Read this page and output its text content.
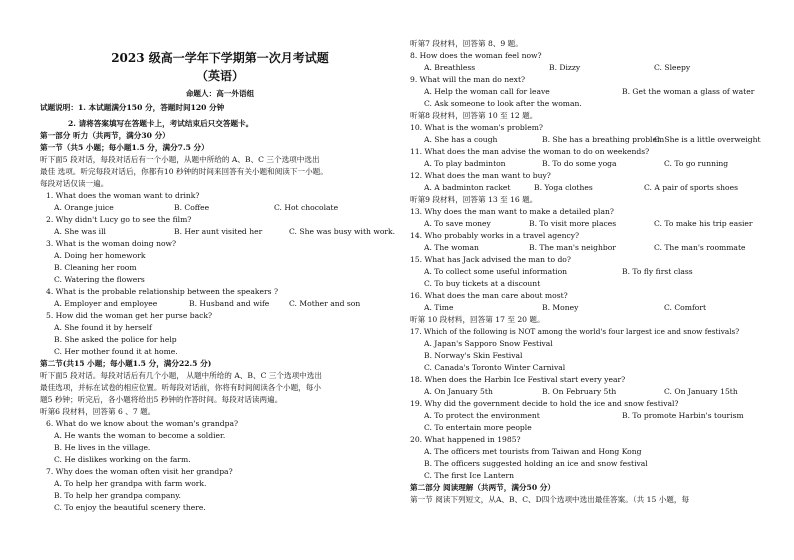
2023 级高一学年下学期第一次月考试题
（英语）
命题人：高一外语组
试题说明：1. 本试题满分150 分，答题时间120 分钟
2. 请将答案填写在答题卡上，考试结束后只交答题卡。
第一部分 听力（共两节，满分30 分）
第一节（共5 小题；每小题1.5 分，满分7.5 分）
听下面5 段对话，每段对话后有一个小题，从题中所给的 A、B、C 三个选项中选出
最佳 选项。听完每段对话后，你都有10 秒钟的时间来回答有关小题和阅读下一小题。
每段对话仅读一遍。
1. What does the woman want to drink?
A. Orange juice	B. Coffee	C. Hot chocolate
2. Why didn't Lucy go to see the film?
A. She was ill	B. Her aunt visited her	C. She was busy with work.
3. What is the woman doing now?
A. Doing her homework
B. Cleaning her room
C. Watering the flowers
4. What is the probable relationship between the speakers ?
A. Employer and employee	B. Husband and wife	C. Mother and son
5. How did the woman get her purse back?
A. She found it by herself
B. She asked the police for help
C. Her mother found it at home.
第二节(共15 小题；每小题1.5 分，满分22.5 分)
听下面5 段对话。每段对话后有几个小题， 从题中所给的 A、B、C 三个选项中选出
最佳选项，并标在试卷的相应位置。听每段对话前，你将有时间阅读各个小题，每小
题5 秒钟；听完后，各小题将给出5 秒钟的作答时间。每段对话读两遍。
听第6 段材料，回答第 6 、7 题。
6. What do we know about the woman's grandpa?
A. He wants the woman to become a soldier.
B. He lives in the village.
C. He dislikes working on the farm.
7. Why does the woman often visit her grandpa?
A. To help her grandpa with farm work.
B. To help her grandpa company.
C. To enjoy the beautiful scenery there.
听第7 段材料，回答第 8、9 题。
8. How does the woman feel now?
A. Breathless	B. Dizzy	C. Sleepy
9. What will the man do next?
A. Help the woman call for leave	B. Get the woman a glass of water
C. Ask someone to look after the woman.
听第8 段材料，回答第 10 至 12 题。
10. What is the woman's problem?
A. She has a cough	B. She has a breathing problem
C. She is a little overweight
11. What does the man advise the woman to do on weekends?
A. To play badminton	B. To do some yoga	C. To go running
12. What does the man want to buy?
A. A badminton racket	B. Yoga clothes	C. A pair of sports shoes
听第9 段材料，回答第 13 至 16 题。
13. Why does the man want to make a detailed plan?
A. To save money	B. To visit more places	C. To make his trip easier
14. Who probably works in a travel agency?
A. The woman	B. The man's neighbor	C. The man's roommate
15. What has Jack advised the man to do?
A. To collect some useful information	B. To fly first class
C. To buy tickets at a discount
16. What does the man care about most?
A. Time	B. Money	C. Comfort
听第 10 段材料，回答第 17 至 20 题。
17. Which of the following is NOT among the world's four largest ice and snow festivals?
A. Japan's Sapporo Snow Festival
B. Norway's Skin Festival
C. Canada's Toronto Winter Carnival
18. When does the Harbin Ice Festival start every year?
A. On January 5th	B. On February 5th	C. On January 15th
19. Why did the government decide to hold the ice and snow festival?
A. To protect the environment	B. To promote Harbin's tourism
C. To entertain more people
20. What happened in 1985?
A. The officers met tourists from Taiwan and Hong Kong
B. The officers suggested holding an ice and snow festival
C. The first Ice Lantern
第二部分 阅读理解（共两节，满分50 分）
第一节 阅读下列短文，从A、B、C、D四个选项中选出最佳答案。（共 15 小题，每
